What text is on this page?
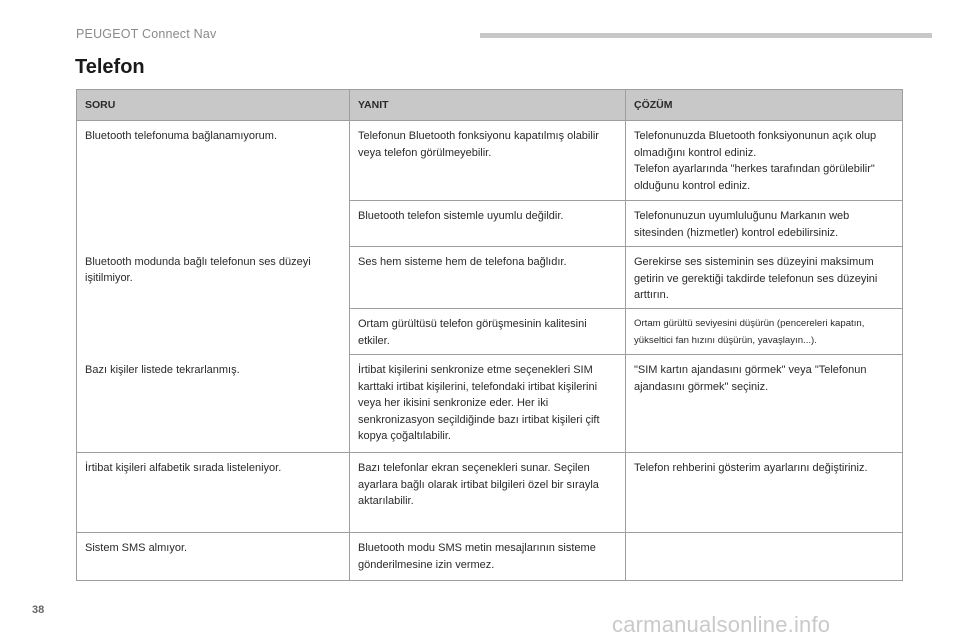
PEUGEOT Connect Nav
Telefon
SORU	YANIT	ÇÖZÜM
Bluetooth telefonuma bağlanamıyorum.	Telefonun Bluetooth fonksiyonu kapatılmış olabilir veya telefon görülmeyebilir.	Telefonunuzda Bluetooth fonksiyonunun açık olup olmadığını kontrol ediniz.
Telefon ayarlarında "herkes tarafından görülebilir" olduğunu kontrol ediniz.
	Bluetooth telefon sistemle uyumlu değildir.	Telefonunuzun uyumluluğunu Markanın web sitesinden (hizmetler) kontrol edebilirsiniz.
Bluetooth modunda bağlı telefonun ses düzeyi işitilmiyor.	Ses hem sisteme hem de telefona bağlıdır.	Gerekirse ses sisteminin ses düzeyini maksimum getirin ve gerektiği takdirde telefonun ses düzeyini arttırın.
	Ortam gürültüsü telefon görüşmesinin kalitesini etkiler.	Ortam gürültü seviyesini düşürün (pencereleri kapatın, yükseltici fan hızını düşürün, yavaşlayın...).
Bazı kişiler listede tekrarlanmış.	İrtibat kişilerini senkronize etme seçenekleri SIM karttaki irtibat kişilerini, telefondaki irtibat kişilerini veya her ikisini senkronize eder. Her iki senkronizasyon seçildiğinde bazı irtibat kişileri çift kopya çoğaltılabilir.	"SIM kartın ajandasını görmek" veya "Telefonun ajandasını görmek" seçiniz.
İrtibat kişileri alfabetik sırada listeleniyor.	Bazı telefonlar ekran seçenekleri sunar. Seçilen ayarlara bağlı olarak irtibat bilgileri özel bir sırayla aktarılabilir.	Telefon rehberini gösterim ayarlarını değiştiriniz.
Sistem SMS almıyor.	Bluetooth modu SMS metin mesajlarının sisteme gönderilmesine izin vermez.	
38
carmanualsonline.info
